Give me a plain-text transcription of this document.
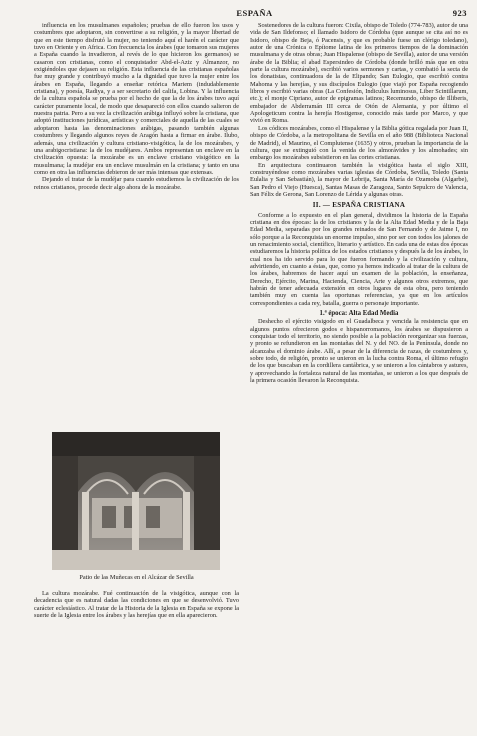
ESPAÑA	923

influencia en los musulmanes españoles; pruebas de ello fueron los usos y costumbres que adoptaron, sin convertirse a su religión, y la mayor libertad de que en este tiempo disfrutó la mujer, no teniendo aquí el harén el carácter que tuvo en Oriente y en Africa. Con frecuencia los árabes (que tomaron sus mujeres a España cuando la invadieron, al revés de lo que hicieron los germanos) se casaron con cristianas, como el conquistador Abd-el-Aziz y Almanzor, no exigiéndoles que dejasen su religión. Esta influencia de las cristianas españolas fue muy grande y contribuyó mucho a la dignidad que tuvo la mujer entre los árabes en España, llegando a enseñar retórica Mariem (indudablemente cristiana), y poesía, Radiya, y a ser secretario del califa, Lobina. Y la influencia de la cultura española se prueba por el hecho de que la de los árabes tuvo aquí carácter puramente local, de modo que desapareció con ellos cuando salieron de nuestra patria. Pero a su vez la civilización arábiga influyó sobre la cristiana, que adoptó instituciones jurídicas, artísticas y comerciales de aquella de las cuales se adoptaron hasta las denominaciones arábigas, pasando también algunas costumbres y llegando algunos reyes de Aragón hasta a firmar en árabe. Ilubo, además, una civilización y cultura cristiano-visigótica, la de los mozárabes, y una arabigocristiana: la de los mudéjares. Ambos representan un enclave en la civilización opuesta: la mozárabe es un enclave cristiano visigótico en la musulmana; la mudéjar era un enclave musulmán en la cristiana; y tanto en una como en otra las influencias debieron de ser más intensas que extensas.

Dejando el tratar de la mudéjar para cuando estudiemos la civilización de los reinos cristianos, procede decir algo ahora de la mozárabe.

Patio de las Muñecas en el Alcázar de Sevilla

La cultura mozárabe. Fué continuación de la visigótica, aunque con la decadencia que es natural dadas las condiciones en que se desenvolvió. Tuvo carácter eclesiástico. Al tratar de la Historia de la Iglesia en España se expone la suerte de la Iglesia entre los árabes y las herejías que en ella aparecieron.

Sostenedores de la cultura fueron: Cixila, obispo de Toledo (774-783), autor de una vida de San Ildefonso; el llamado Isidoro de Córdoba (que aunque se cita así no es Isidoro, obispo de Beja, ó Pacensis, y que es probable fuese un clérigo toledano), autor de una Crónica o Epítome latina de los primeros tiempos de la dominación musulmana y de otras obras; Juan Hispalense (obispo de Sevilla), autor de una versión árabe de la Biblia; el abad Espersindeo de Córdoba (donde brilló más que en otra parte la cultura mozárabe), escribió varios sermones y cartas, y combatió la secta de los donatistas, continuadora de la de Elipando; San Eulogio, que escribió contra Mahoma y las herejías, y sus discípulos Eulogio (que viajó por España recogiendo libros y escribió varias obras (La Confesión, Indiculus luminosus, Liber Scintillarum, etc.); el monje Cipriano, autor de epigramas latinos; Recemundo, obispo de Illiberis, embajador de Abderramán III cerca de Otón de Alemania, y por último el Apologeticum contra la herejía Hostigense, conocido más tarde por Marco, y que vivió en Roma.

Los códices mozárabes, como el Hispalense y la Biblia gótica regalada por Juan II, obispo de Córdoba, a la metropolitana de Sevilla en el año 988 (Biblioteca Nacional de Madrid), el Maurino, el Complutense (1635) y otros, prueban la importancia de la cultura, que se extinguió con la venida de los almorávides y los almohades; sin embargo los mozárabes subsistieron en las cortes cristianas.

En arquitectura continuaron también la visigótica hasta el siglo XIII, construyéndose como mozárabes varias iglesias de Córdoba, Sevilla, Toledo (Santa Eulalia y San Sebastián), la mayor de Lebrija, Santa María de Ozamoba (Algarbe), San Pedro el Viejo (Huesca), Santas Masas de Zaragoza, Santo Sepulcro de Valencia, San Félix de Gerona, San Lorenzo de Lérida y algunas otras.

II. — ESPAÑA CRISTIANA

Conforme a lo expuesto en el plan general, dividimos la historia de la España cristiana en dos épocas: la de los cristianos y la de la Alta Edad Media y de la Baja Edad Media, separadas por los grandes reinados de San Fernando y de Jaime I, no sólo porque a la Reconquista un enorme impulso, sino por ser con todos los jalones de un renacimiento social, científico, literario y artístico. En cada una de estas dos épocas estudiaremos la historia política de los estados cristianos y después la de los árabes, lo cual nos ha ido servido para lo que fueron formando y la civilización y cultura, advirtiendo, en cuanto a éstas, que, como ya hemos indicado al tratar de la cultura de los árabes, habremos de hacer aquí un examen de la población, la enseñanza, Derecho, Ejército, Marina, Hacienda, Ciencia, Arte y algunos otros extremos, que habrán de tener adecuada extensión en otros lugares de esta obra, pero teniendo también muy en cuenta las oportunas referencias, ya que en los artículos correspondientes a cada rey, batalla, guerra o personaje importante.

1.ª época: Alta Edad Media

Deshecho el ejército visigodo en el Guadalbeca y vencida la resistencia que en algunos puntos ofrecieron godos e hispanorromanos, los árabes se dispusieron a conquistar todo el territorio, no siendo posible a la población reorganizar sus fuerzas, y pronto se refundieron en las montañas del N. y del NO. de la Península, donde no alcanzaba el dominio árabe. Allí, a pesar de la diferencia de razas, de costumbres y, sobre todo, de religión, pronto se unieron en la lucha contra Roma, el último refugio de los que buscaban en la cordillera cantábrica, y se unieron a los cántabros y astures, y aprovechando la fortaleza natural de las montañas, se unieron a los que después de la primera ocasión llevaron la Reconquista.
